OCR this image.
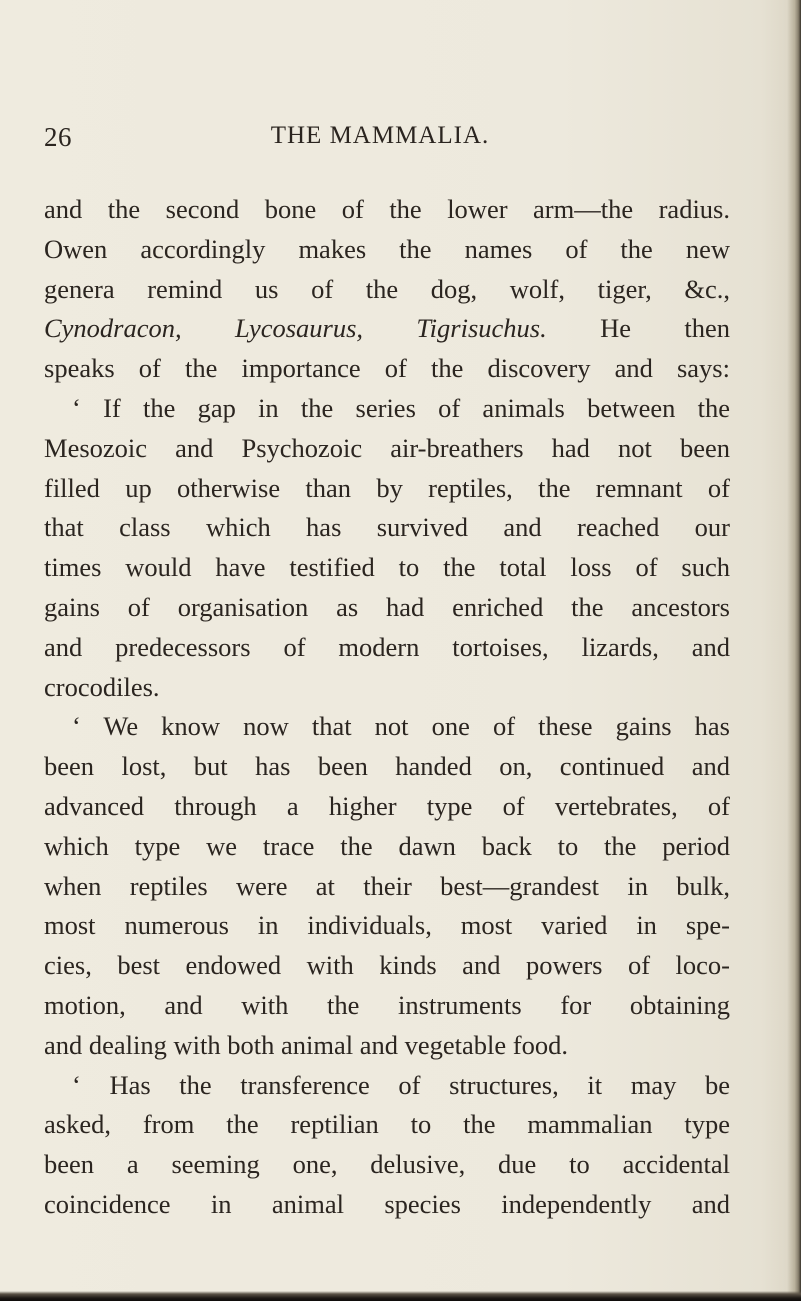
26	THE MAMMALIA.
and the second bone of the lower arm—the radius.
Owen accordingly makes the names of the new
genera remind us of the dog, wolf, tiger, &c.,
Cynodracon, Lycosaurus, Tigrisuchus. He then
speaks of the importance of the discovery and says:
‘ If the gap in the series of animals between the
Mesozoic and Psychozoic air-breathers had not been
filled up otherwise than by reptiles, the remnant of
that class which has survived and reached our
times would have testified to the total loss of such
gains of organisation as had enriched the ancestors
and predecessors of modern tortoises, lizards, and
crocodiles.
‘ We know now that not one of these gains has
been lost, but has been handed on, continued and
advanced through a higher type of vertebrates, of
which type we trace the dawn back to the period
when reptiles were at their best—grandest in bulk,
most numerous in individuals, most varied in spe-
cies, best endowed with kinds and powers of loco-
motion, and with the instruments for obtaining
and dealing with both animal and vegetable food.
‘ Has the transference of structures, it may be
asked, from the reptilian to the mammalian type
been a seeming one, delusive, due to accidental
coincidence in animal species independently and
